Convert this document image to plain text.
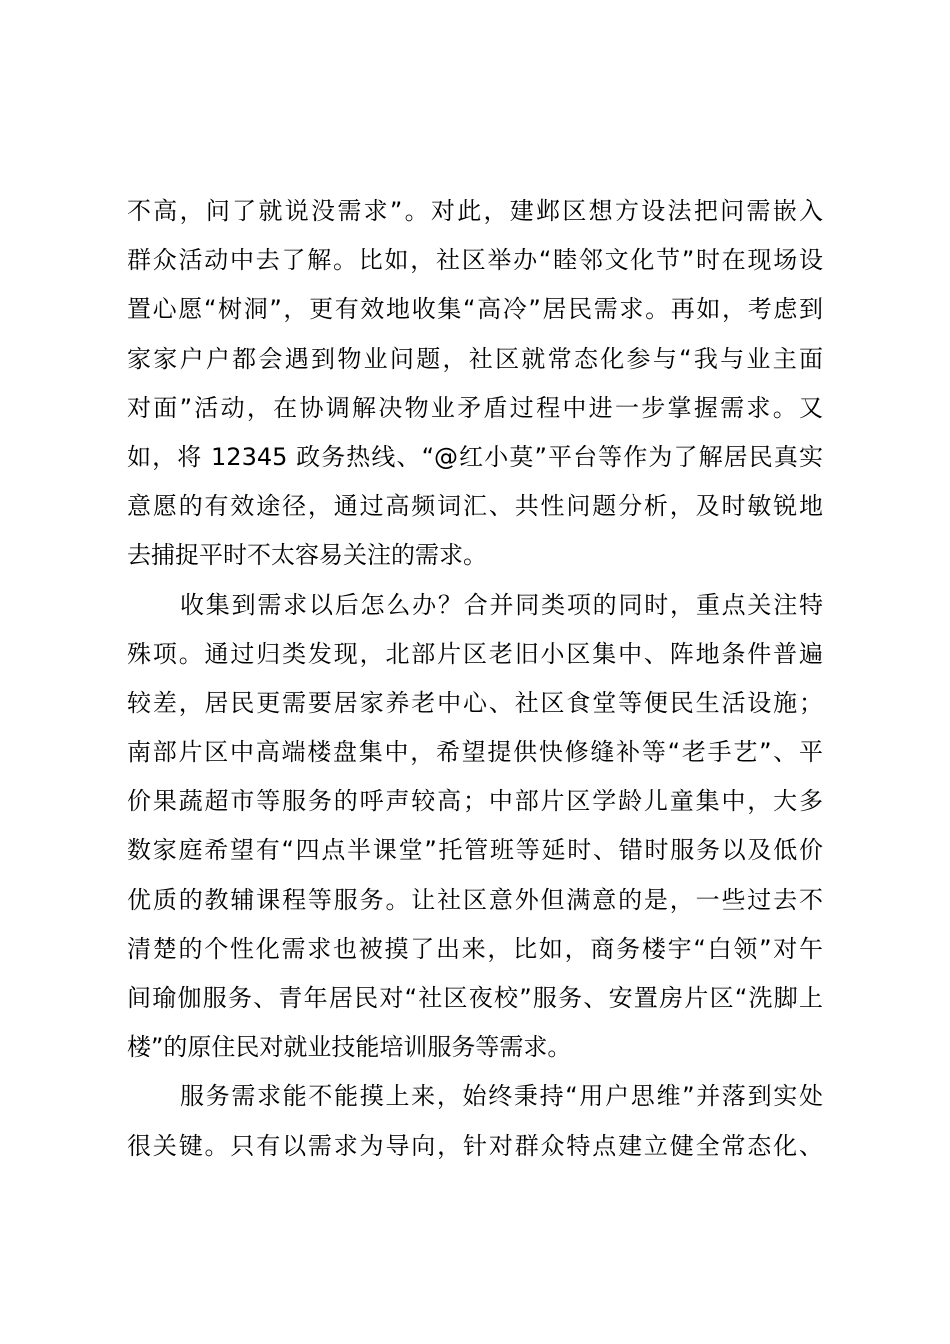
不高，问了就说没需求”。对此，建邺区想方设法把问需嵌入
群众活动中去了解。比如，社区举办“睦邻文化节”时在现场设
置心愿“树洞”，更有效地收集“高冷”居民需求。再如，考虑到
家家户户都会遇到物业问题，社区就常态化参与“我与业主面
对面”活动，在协调解决物业矛盾过程中进一步掌握需求。又
如，将 12345 政务热线、“@红小莫”平台等作为了解居民真实
意愿的有效途径，通过高频词汇、共性问题分析，及时敏锐地
去捕捉平时不太容易关注的需求。
收集到需求以后怎么办？合并同类项的同时，重点关注特
殊项。通过归类发现，北部片区老旧小区集中、阵地条件普遍
较差，居民更需要居家养老中心、社区食堂等便民生活设施；
南部片区中高端楼盘集中，希望提供快修缝补等“老手艺”、平
价果蔬超市等服务的呼声较高；中部片区学龄儿童集中，大多
数家庭希望有“四点半课堂”托管班等延时、错时服务以及低价
优质的教辅课程等服务。让社区意外但满意的是，一些过去不
清楚的个性化需求也被摸了出来，比如，商务楼宇“白领”对午
间瑜伽服务、青年居民对“社区夜校”服务、安置房片区“洗脚上
楼”的原住民对就业技能培训服务等需求。
服务需求能不能摸上来，始终秉持“用户思维”并落到实处
很关键。只有以需求为导向，针对群众特点建立健全常态化、
